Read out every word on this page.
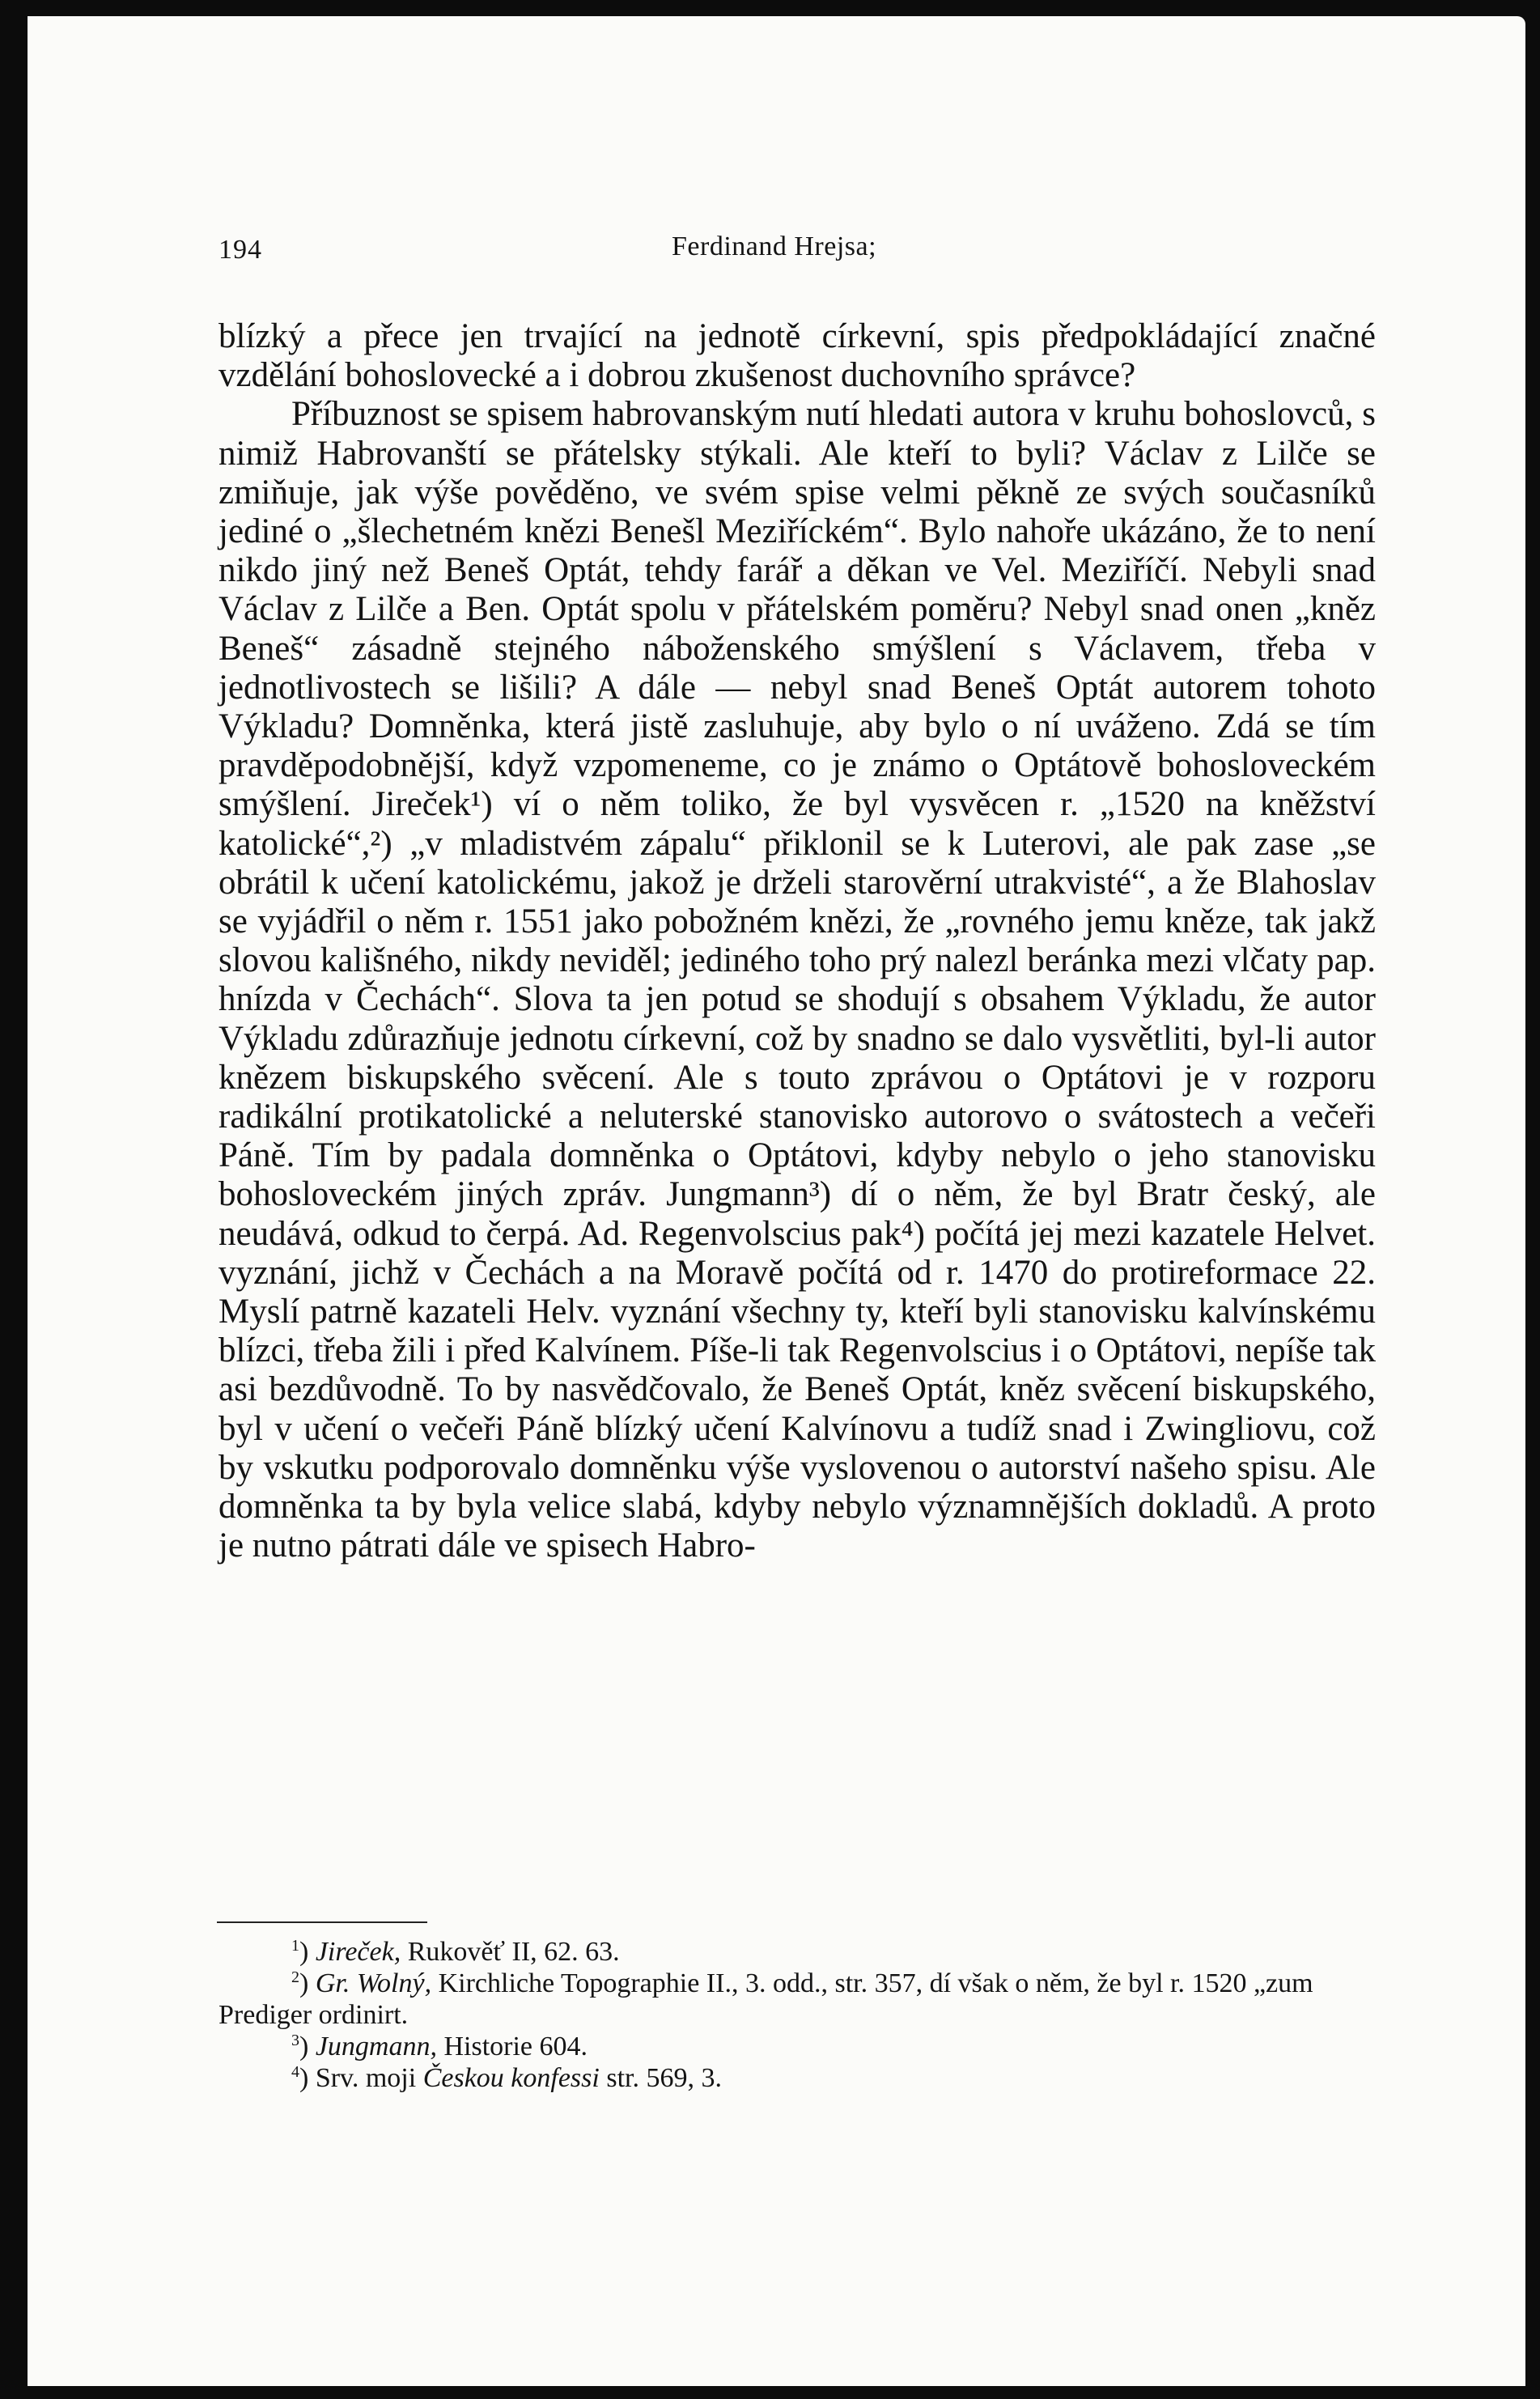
194	Ferdinand Hrejsa;

blízký a přece jen trvající na jednotě církevní, spis předpokládající značné vzdělání bohoslovecké a i dobrou zkušenost duchovního správce?

Příbuznost se spisem habrovanským nutí hledati autora v kruhu bohoslovců, s nimiž Habrovanští se přátelsky stýkali. Ale kteří to byli? Václav z Lilče se zmiňuje, jak výše pověděno, ve svém spise velmi pěkně ze svých současníků jediné o „šlechetném knězi Benešl Meziříckém“. Bylo nahoře ukázáno, že to není nikdo jiný než Beneš Optát, tehdy farář a děkan ve Vel. Meziříčí. Nebyli snad Václav z Lilče a Ben. Optát spolu v přátelském poměru? Nebyl snad onen „kněz Beneš“ zásadně stejného náboženského smýšlení s Václavem, třeba v jednotlivostech se lišili? A dále — nebyl snad Beneš Optát autorem tohoto Výkladu? Domněnka, která jistě zasluhuje, aby bylo o ní uváženo. Zdá se tím pravděpodobnější, když vzpomeneme, co je známo o Optátově bohosloveckém smýšlení. Jireček¹) ví o něm toliko, že byl vysvěcen r. „1520 na kněžství katolické“,²) „v mladistvém zápalu“ přiklonil se k Luterovi, ale pak zase „se obrátil k učení katolickému, jakož je drželi starověrní utrakvisté“, a že Blahoslav se vyjádřil o něm r. 1551 jako pobožném knězi, že „rovného jemu kněze, tak jakž slovou kališného, nikdy neviděl; jediného toho prý nalezl beránka mezi vlčaty pap. hnízda v Čechách“. Slova ta jen potud se shodují s obsahem Výkladu, že autor Výkladu zdůrazňuje jednotu církevní, což by snadno se dalo vysvětliti, byl-li autor knězem biskupského svěcení. Ale s touto zprávou o Optátovi je v rozporu radikální protikatolické a neluterské stanovisko autorovo o svátostech a večeři Páně. Tím by padala domněnka o Optátovi, kdyby nebylo o jeho stanovisku bohosloveckém jiných zpráv. Jungmann³) dí o něm, že byl Bratr český, ale neudává, odkud to čerpá. Ad. Regenvolscius pak⁴) počítá jej mezi kazatele Helvet. vyznání, jichž v Čechách a na Moravě počítá od r. 1470 do protireformace 22. Myslí patrně kazateli Helv. vyznání všechny ty, kteří byli stanovisku kalvínskému blízci, třeba žili i před Kalvínem. Píše-li tak Regenvolscius i o Optátovi, nepíše tak asi bezdůvodně. To by nasvědčovalo, že Beneš Optát, kněz svěcení biskupského, byl v učení o večeři Páně blízký učení Kalvínovu a tudíž snad i Zwingliovu, což by vskutku podporovalo domněnku výše vyslovenou o autorství našeho spisu. Ale domněnka ta by byla velice slabá, kdyby nebylo významnějších dokladů. A proto je nutno pátrati dále ve spisech Habro-

$^1$) Jireček, Rukověť II, 62. 63.

$^2$) Gr. Wolný, Kirchliche Topographie II., 3. odd., str. 357, dí však o něm, že byl r. 1520 „zum Prediger ordinirt.

$^3$) Jungmann, Historie 604.

$^4$) Srv. moji Českou konfessi str. 569, 3.
